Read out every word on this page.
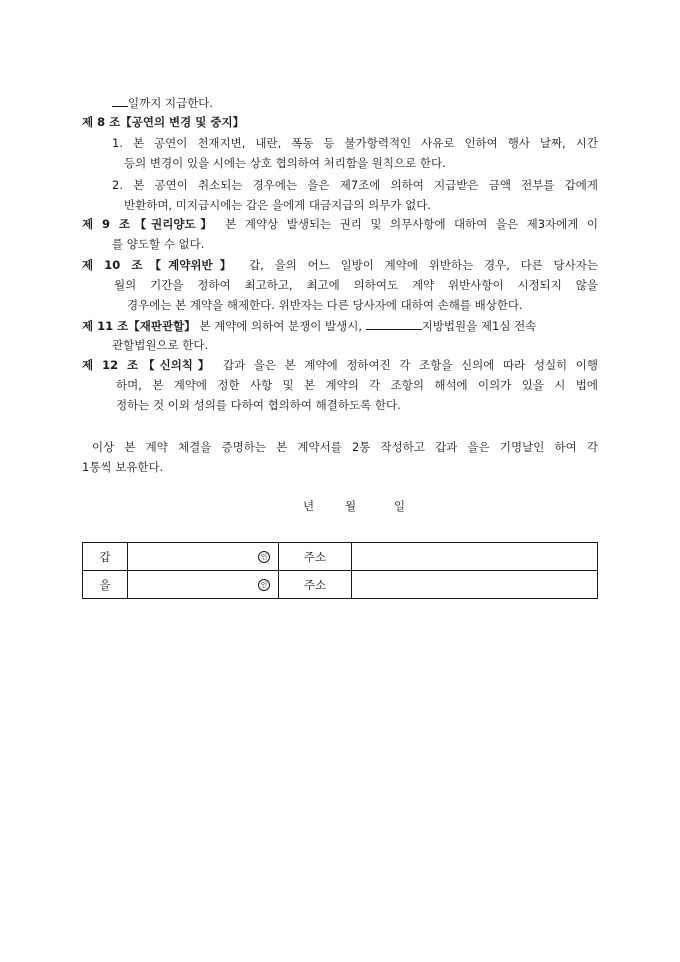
일까지 지급한다.
제 8 조【공연의 변경 및 중지】
1. 본 공연이 천재지변, 내란, 폭동 등 불가항력적인 사유로 인하여 행사 날짜, 시간
등의 변경이 있을 시에는 상호 협의하여 처리함을 원칙으로 한다.
2. 본 공연이 취소되는 경우에는 을은 제7조에 의하여 지급받은 금액 전부를 갑에게
반환하며, 미지급시에는 갑은 을에게 대금지급의 의무가 없다.
제 9 조【권리양도】 본 계약상 발생되는 권리 및 의무사항에 대하여 을은 제3자에게 이
를 양도할 수 없다.
제 10 조【계약위반】 갑, 을의 어느 일방이 계약에 위반하는 경우, 다른 당사자는
월의 기간을 정하여 최고하고, 최고에 의하여도 계약 위반사항이 시정되지 않을
경우에는 본 계약을 해제한다. 위반자는 다른 당사자에 대하여 손해를 배상한다.
제 11 조【재판관할】 본 계약에 의하여 분쟁이 발생시,	지방법원을 제1심 전속
관할법원으로 한다.
제 12 조【신의칙】 갑과 을은 본 계약에 정하여진 각 조항을 신의에 따라 성실히 이행
하며, 본 계약에 정한 사항 및 본 계약의 각 조항의 해석에 이의가 있을 시 법에
정하는 것 이외 성의를 다하여 협의하여 해결하도록 한다.
이상 본 계약 체결을 증명하는 본 계약서를 2통 작성하고 갑과 을은 기명날인 하여 각
1통씩 보유한다.
년	월	일
갑	인	주소	
을	인	주소	
